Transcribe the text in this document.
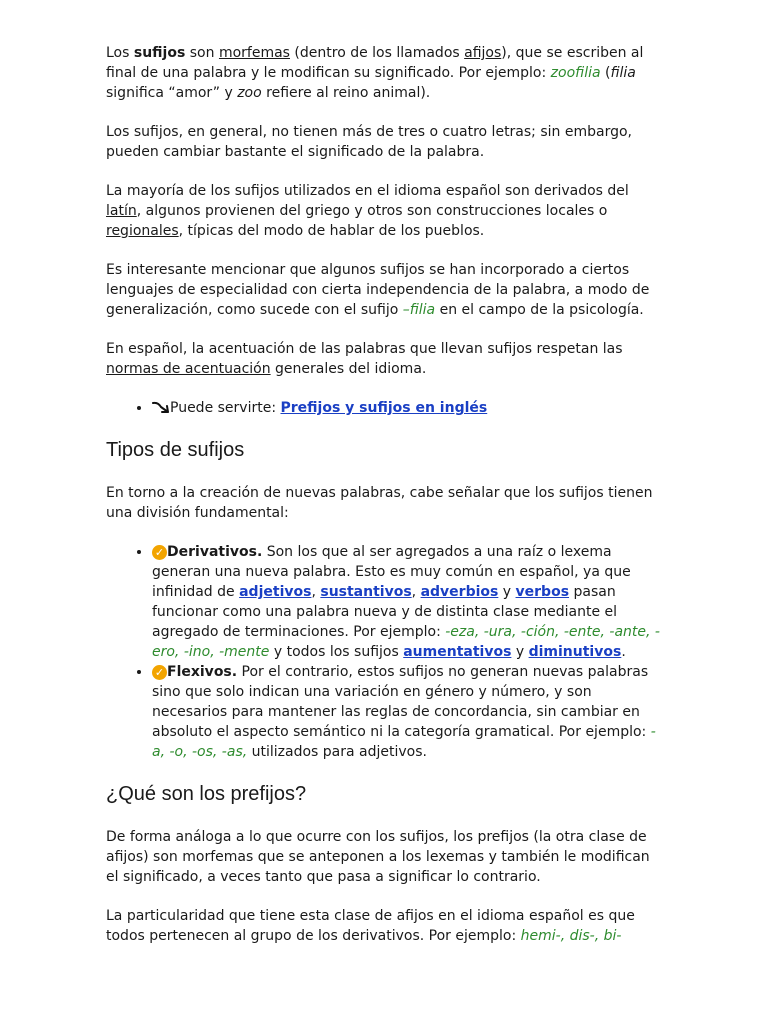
Los sufijos son morfemas (dentro de los llamados afijos), que se escriben al final de una palabra y le modifican su significado. Por ejemplo: zoofilia (filia significa “amor” y zoo refiere al reino animal).

Los sufijos, en general, no tienen más de tres o cuatro letras; sin embargo, pueden cambiar bastante el significado de la palabra.

La mayoría de los sufijos utilizados en el idioma español son derivados del latín, algunos provienen del griego y otros son construcciones locales o regionales, típicas del modo de hablar de los pueblos.

Es interesante mencionar que algunos sufijos se han incorporado a ciertos lenguajes de especialidad con cierta independencia de la palabra, a modo de generalización, como sucede con el sufijo –filia en el campo de la psicología.

En español, la acentuación de las palabras que llevan sufijos respetan las normas de acentuación generales del idioma.

• Puede servirte: Prefijos y sufijos en inglés
Tipos de sufijos

En torno a la creación de nuevas palabras, cabe señalar que los sufijos tienen una división fundamental:

• ✓ Derivativos. Son los que al ser agregados a una raíz o lexema generan una nueva palabra. Esto es muy común en español, ya que infinidad de adjetivos, sustantivos, adverbios y verbos pasan funcionar como una palabra nueva y de distinta clase mediante el agregado de terminaciones. Por ejemplo: -eza, -ura, -ción, -ente, -ante, -ero, -ino, -mente y todos los sufijos aumentativos y diminutivos.
• ✓ Flexivos. Por el contrario, estos sufijos no generan nuevas palabras sino que solo indican una variación en género y número, y son necesarios para mantener las reglas de concordancia, sin cambiar en absoluto el aspecto semántico ni la categoría gramatical. Por ejemplo: -a, -o, -os, -as, utilizados para adjetivos.
¿Qué son los prefijos?

De forma análoga a lo que ocurre con los sufijos, los prefijos (la otra clase de afijos) son morfemas que se anteponen a los lexemas y también le modifican el significado, a veces tanto que pasa a significar lo contrario.

La particularidad que tiene esta clase de afijos en el idioma español es que todos pertenecen al grupo de los derivativos. Por ejemplo: hemi-, dis-, bi-
